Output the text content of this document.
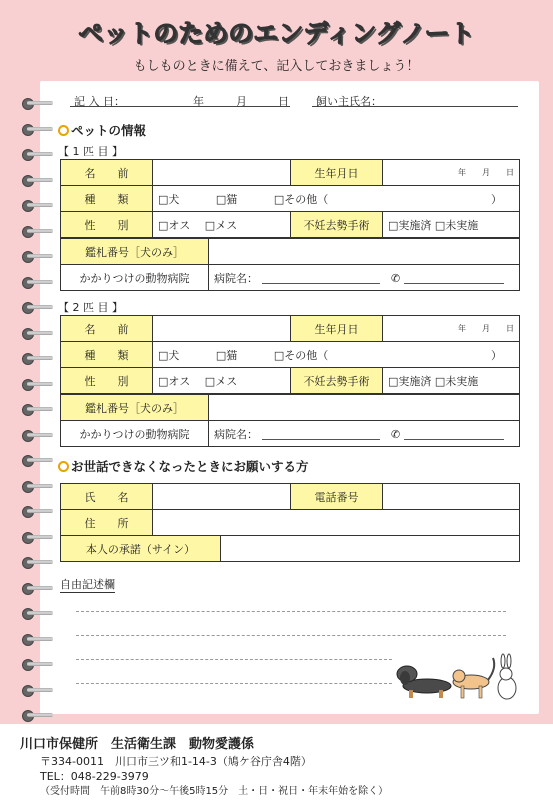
ペットのためのエンディングノート
もしものときに備えて、記入しておきましょう！
記 入 日：	年	月	日 飼い主氏名：
ペットの情報
【 1 匹 目 】
名　　前		生年月日	年　　 月　　 日
種　　類	□犬　　　 □猫　　　 □その他（ ）		

性　　別	□オス　 □メス	不妊去勢手術	□実施済 □未実施
鑑札番号［犬のみ］	
かかりつけの動物病院	病院名： ✆
【 2 匹 目 】
名　　前		生年月日	年　　 月　　 日
種　　類	□犬　　　 □猫　　　 □その他（ ）		

性　　別	□オス　 □メス	不妊去勢手術	□実施済 □未実施
鑑札番号［犬のみ］	
かかりつけの動物病院	病院名： ✆
お世話できなくなったときにお願いする方
氏　　名		電話番号	
住　　所			
本人の承諾（サイン）	
自由記述欄
川口市保健所　生活衛生課　動物愛護係
〒334-0011　川口市三ツ和1-14-3（鳩ケ谷庁舎4階）
TEL：048-229-3979
（受付時間　午前8時30分～午後5時15分　土・日・祝日・年末年始を除く）
